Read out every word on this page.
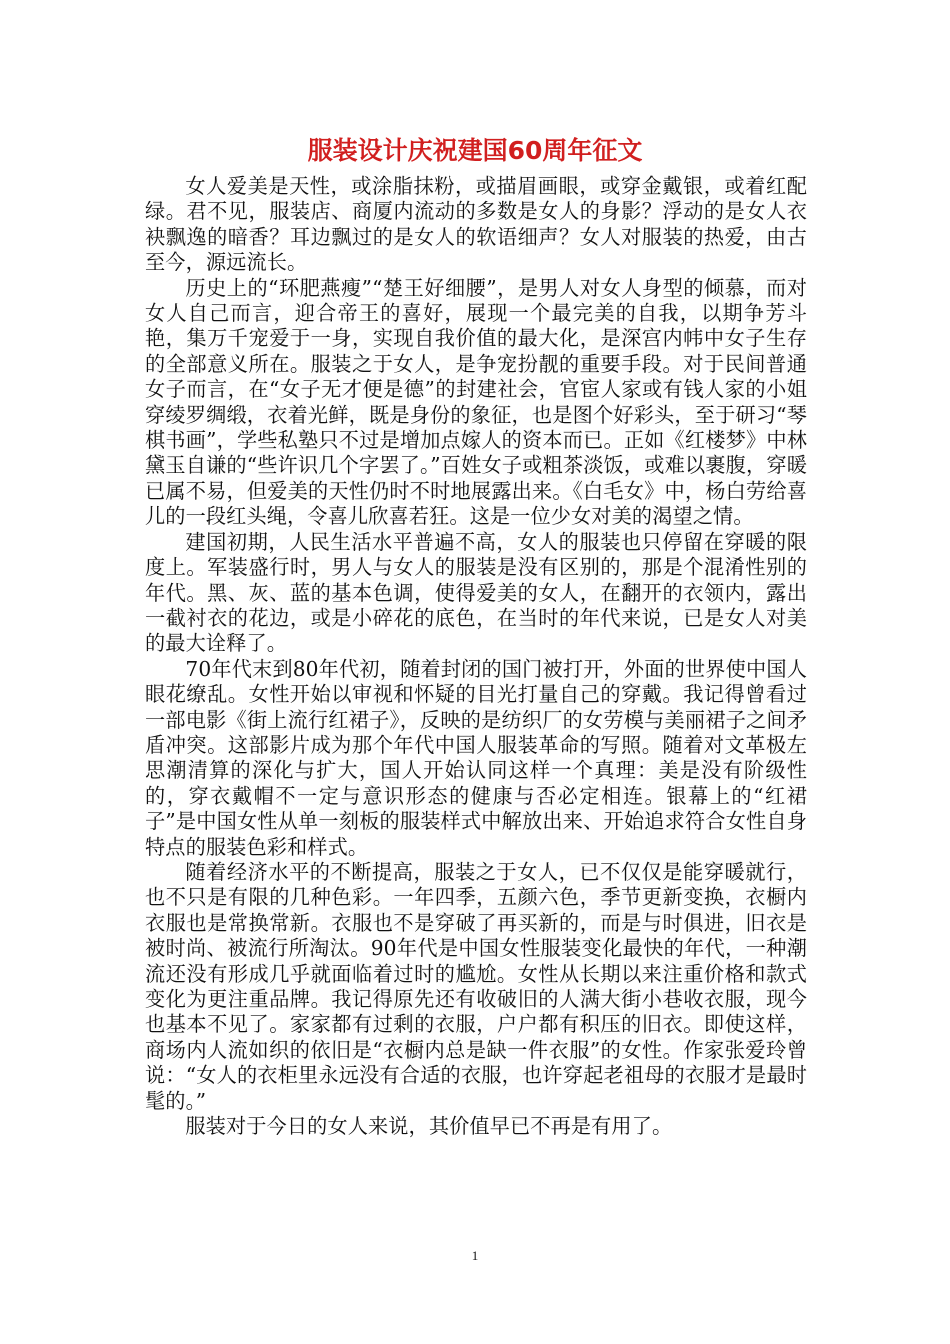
服装设计庆祝建国60周年征文

女人爱美是天性，或涂脂抹粉，或描眉画眼，或穿金戴银，或着红配绿。君不见，服装店、商厦内流动的多数是女人的身影？浮动的是女人衣袂飘逸的暗香？耳边飘过的是女人的软语细声？女人对服装的热爱，由古至今，源远流长。

历史上的“环肥燕瘦”“楚王好细腰”，是男人对女人身型的倾慕，而对女人自己而言，迎合帝王的喜好，展现一个最完美的自我，以期争芳斗艳，集万千宠爱于一身，实现自我价值的最大化，是深宫内帏中女子生存的全部意义所在。服装之于女人，是争宠扮靓的重要手段。对于民间普通女子而言，在“女子无才便是德”的封建社会，官宦人家或有钱人家的小姐穿绫罗绸缎，衣着光鲜，既是身份的象征，也是图个好彩头，至于研习“琴棋书画”，学些私塾只不过是增加点嫁人的资本而已。正如《红楼梦》中林黛玉自谦的“些许识几个字罢了。”百姓女子或粗茶淡饭，或难以裹腹，穿暖已属不易，但爱美的天性仍时不时地展露出来。《白毛女》中，杨白劳给喜儿的一段红头绳，令喜儿欣喜若狂。这是一位少女对美的渴望之情。

建国初期，人民生活水平普遍不高，女人的服装也只停留在穿暖的限度上。军装盛行时，男人与女人的服装是没有区别的，那是个混淆性别的年代。黑、灰、蓝的基本色调，使得爱美的女人，在翻开的衣领内，露出一截衬衣的花边，或是小碎花的底色，在当时的年代来说，已是女人对美的最大诠释了。

70年代末到80年代初，随着封闭的国门被打开，外面的世界使中国人眼花缭乱。女性开始以审视和怀疑的目光打量自己的穿戴。我记得曾看过一部电影《街上流行红裙子》，反映的是纺织厂的女劳模与美丽裙子之间矛盾冲突。这部影片成为那个年代中国人服装革命的写照。随着对文革极左思潮清算的深化与扩大，国人开始认同这样一个真理：美是没有阶级性的，穿衣戴帽不一定与意识形态的健康与否必定相连。银幕上的“红裙子”是中国女性从单一刻板的服装样式中解放出来、开始追求符合女性自身特点的服装色彩和样式。

随着经济水平的不断提高，服装之于女人，已不仅仅是能穿暖就行，也不只是有限的几种色彩。一年四季，五颜六色，季节更新变换，衣橱内衣服也是常换常新。衣服也不是穿破了再买新的，而是与时俱进，旧衣是被时尚、被流行所淘汰。90年代是中国女性服装变化最快的年代，一种潮流还没有形成几乎就面临着过时的尴尬。女性从长期以来注重价格和款式变化为更注重品牌。我记得原先还有收破旧的人满大街小巷收衣服，现今也基本不见了。家家都有过剩的衣服，户户都有积压的旧衣。即使这样，商场内人流如织的依旧是“衣橱内总是缺一件衣服”的女性。作家张爱玲曾说：“女人的衣柜里永远没有合适的衣服，也许穿起老祖母的衣服才是最时髦的。”

服装对于今日的女人来说，其价值早已不再是有用了。

1
